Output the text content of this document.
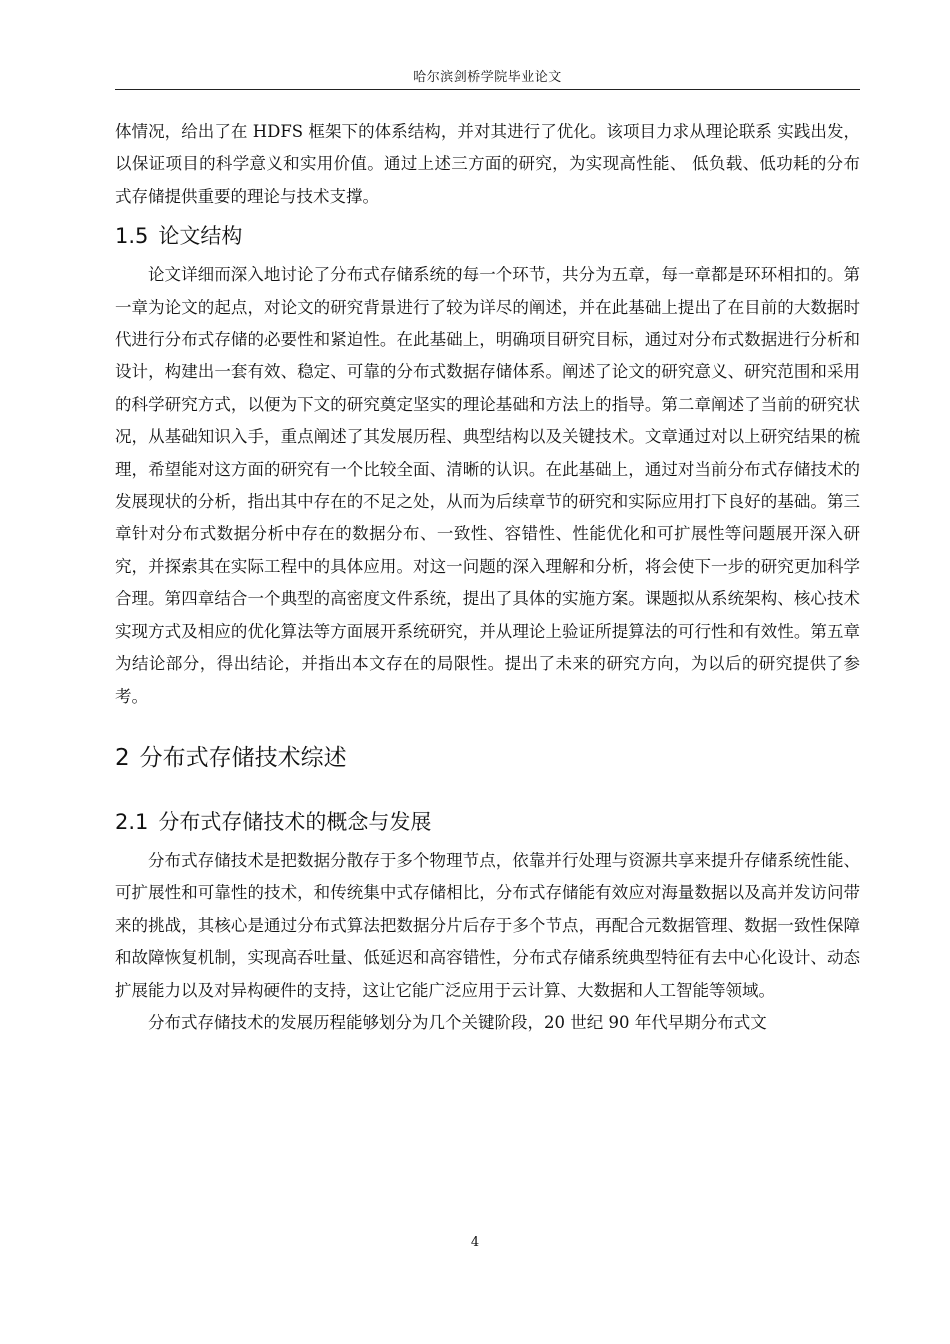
哈尔滨剑桥学院毕业论文

体情况，给出了在 HDFS 框架下的体系结构，并对其进行了优化。该项目力求从理论联系 实践出发，以保证项目的科学意义和实用价值。通过上述三方面的研究，为实现高性能、 低负载、低功耗的分布式存储提供重要的理论与技术支撑。

1.5 论文结构

论文详细而深入地讨论了分布式存储系统的每一个环节，共分为五章，每一章都是环环相扣的。第一章为论文的起点，对论文的研究背景进行了较为详尽的阐述，并在此基础上提出了在目前的大数据时代进行分布式存储的必要性和紧迫性。在此基础上，明确项目研究目标，通过对分布式数据进行分析和设计，构建出一套有效、稳定、可靠的分布式数据存储体系。阐述了论文的研究意义、研究范围和采用的科学研究方式，以便为下文的研究奠定坚实的理论基础和方法上的指导。第二章阐述了当前的研究状况，从基础知识入手，重点阐述了其发展历程、典型结构以及关键技术。文章通过对以上研究结果的梳理，希望能对这方面的研究有一个比较全面、清晰的认识。在此基础上，通过对当前分布式存储技术的发展现状的分析，指出其中存在的不足之处，从而为后续章节的研究和实际应用打下良好的基础。第三章针对分布式数据分析中存在的数据分布、一致性、容错性、性能优化和可扩展性等问题展开深入研究，并探索其在实际工程中的具体应用。对这一问题的深入理解和分析，将会使下一步的研究更加科学合理。第四章结合一个典型的高密度文件系统，提出了具体的实施方案。课题拟从系统架构、核心技术实现方式及相应的优化算法等方面展开系统研究，并从理论上验证所提算法的可行性和有效性。第五章为结论部分，得出结论，并指出本文存在的局限性。提出了未来的研究方向，为以后的研究提供了参考。

2 分布式存储技术综述
2.1 分布式存储技术的概念与发展

分布式存储技术是把数据分散存于多个物理节点，依靠并行处理与资源共享来提升存储系统性能、可扩展性和可靠性的技术，和传统集中式存储相比，分布式存储能有效应对海量数据以及高并发访问带来的挑战，其核心是通过分布式算法把数据分片后存于多个节点，再配合元数据管理、数据一致性保障和故障恢复机制，实现高吞吐量、低延迟和高容错性，分布式存储系统典型特征有去中心化设计、动态扩展能力以及对异构硬件的支持，这让它能广泛应用于云计算、大数据和人工智能等领域。

分布式存储技术的发展历程能够划分为几个关键阶段，20 世纪 90 年代早期分布式文

4
